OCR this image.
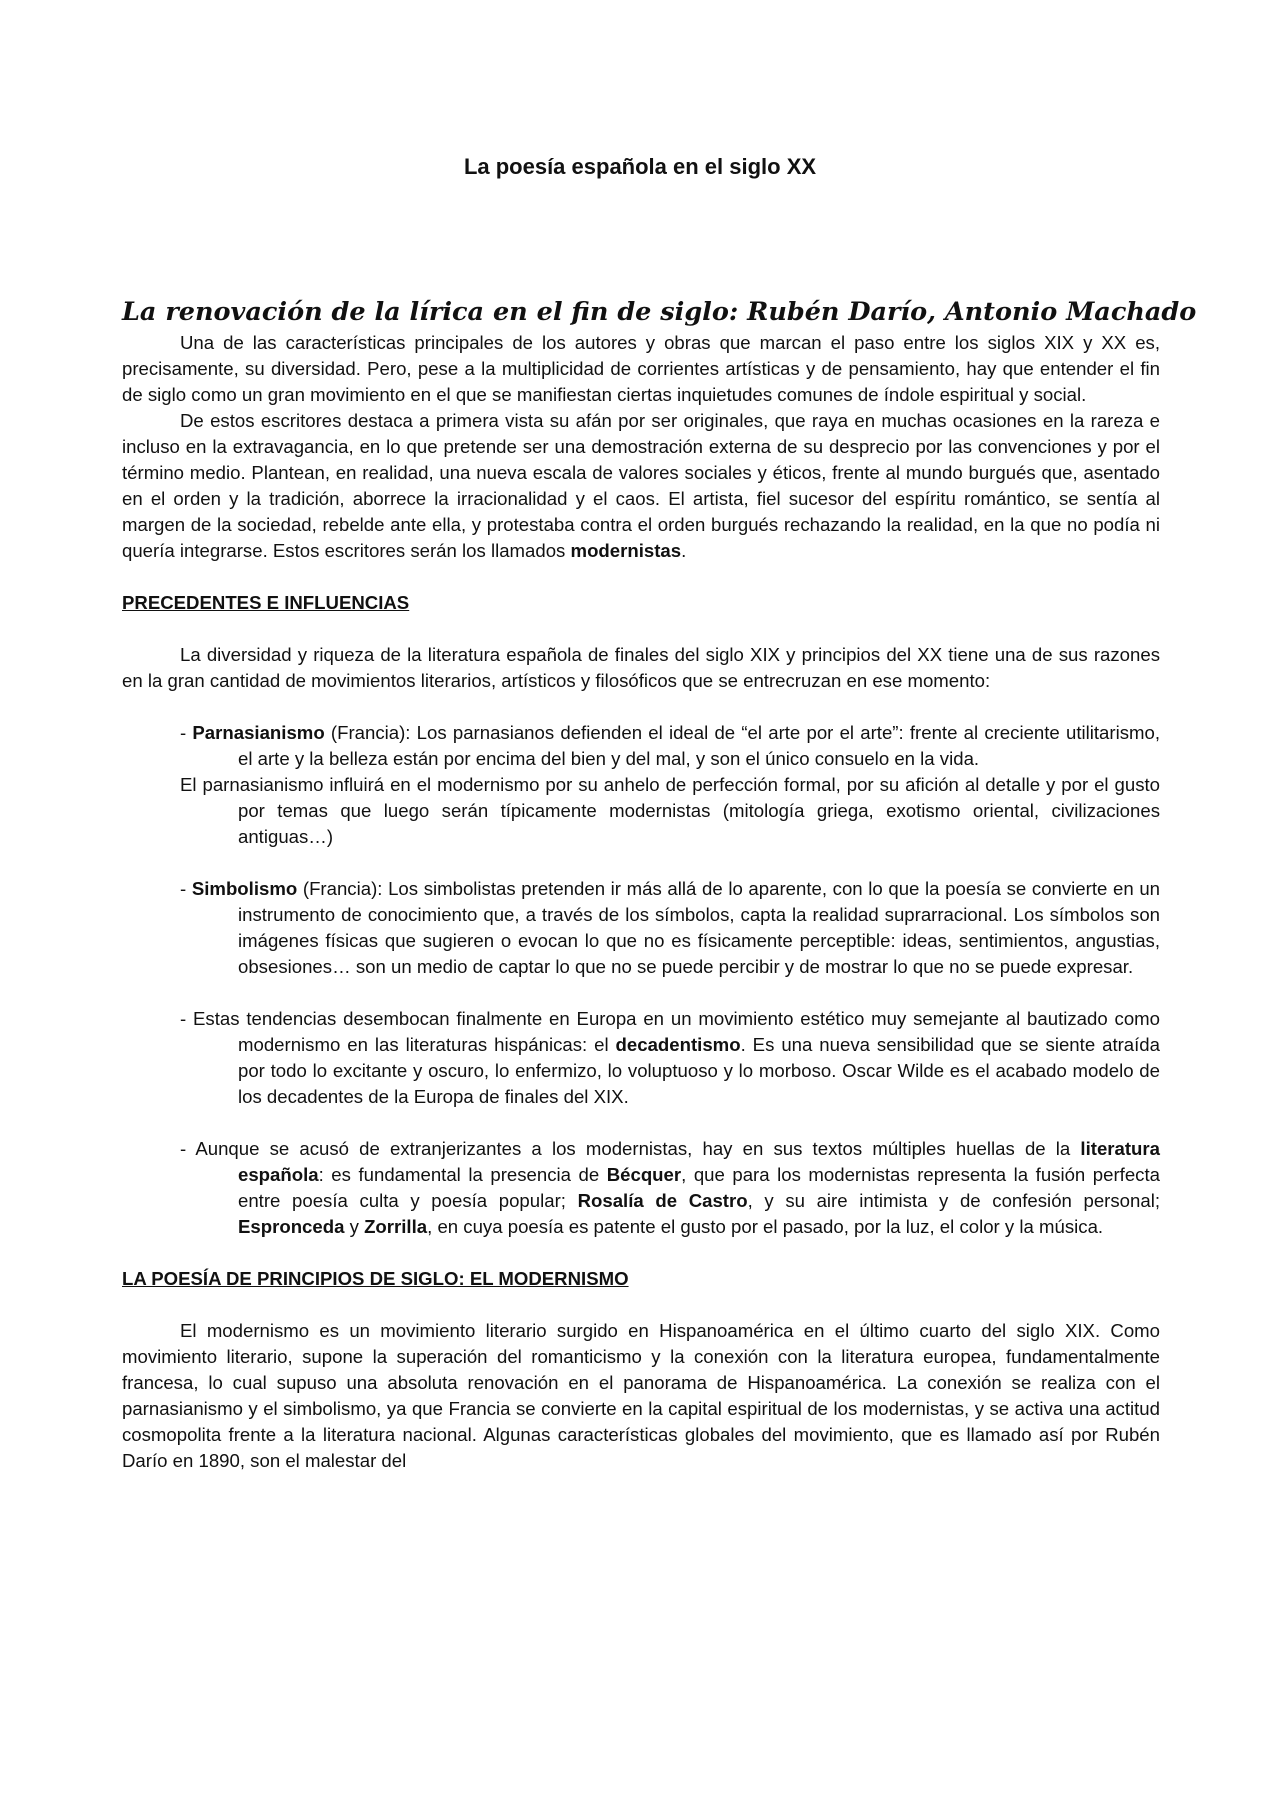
La poesía española en el siglo XX
La renovación de la lírica en el fin de siglo: Rubén Darío, Antonio Machado

Una de las características principales de los autores y obras que marcan el paso entre los siglos XIX y XX es, precisamente, su diversidad. Pero, pese a la multiplicidad de corrientes artísticas y de pensamiento, hay que entender el fin de siglo como un gran movimiento en el que se manifiestan ciertas inquietudes comunes de índole espiritual y social.

De estos escritores destaca a primera vista su afán por ser originales, que raya en muchas ocasiones en la rareza e incluso en la extravagancia, en lo que pretende ser una demostración externa de su desprecio por las convenciones y por el término medio. Plantean, en realidad, una nueva escala de valores sociales y éticos, frente al mundo burgués que, asentado en el orden y la tradición, aborrece la irracionalidad y el caos. El artista, fiel sucesor del espíritu romántico, se sentía al margen de la sociedad, rebelde ante ella, y protestaba contra el orden burgués rechazando la realidad, en la que no podía ni quería integrarse. Estos escritores serán los llamados modernistas.

PRECEDENTES E INFLUENCIAS

La diversidad y riqueza de la literatura española de finales del siglo XIX y principios del XX tiene una de sus razones en la gran cantidad de movimientos literarios, artísticos y filosóficos que se entrecruzan en ese momento:

- Parnasianismo (Francia): Los parnasianos defienden el ideal de “el arte por el arte”: frente al creciente utilitarismo, el arte y la belleza están por encima del bien y del mal, y son el único consuelo en la vida.

El parnasianismo influirá en el modernismo por su anhelo de perfección formal, por su afición al detalle y por el gusto por temas que luego serán típicamente modernistas (mitología griega, exotismo oriental, civilizaciones antiguas…)

- Simbolismo (Francia): Los simbolistas pretenden ir más allá de lo aparente, con lo que la poesía se convierte en un instrumento de conocimiento que, a través de los símbolos, capta la realidad suprarracional. Los símbolos son imágenes físicas que sugieren o evocan lo que no es físicamente perceptible: ideas, sentimientos, angustias, obsesiones… son un medio de captar lo que no se puede percibir y de mostrar lo que no se puede expresar.
- Estas tendencias desembocan finalmente en Europa en un movimiento estético muy semejante al bautizado como modernismo en las literaturas hispánicas: el decadentismo. Es una nueva sensibilidad que se siente atraída por todo lo excitante y oscuro, lo enfermizo, lo voluptuoso y lo morboso. Oscar Wilde es el acabado modelo de los decadentes de la Europa de finales del XIX.
- Aunque se acusó de extranjerizantes a los modernistas, hay en sus textos múltiples huellas de la literatura española: es fundamental la presencia de Bécquer, que para los modernistas representa la fusión perfecta entre poesía culta y poesía popular; Rosalía de Castro, y su aire intimista y de confesión personal; Espronceda y Zorrilla, en cuya poesía es patente el gusto por el pasado, por la luz, el color y la música.
LA POESÍA DE PRINCIPIOS DE SIGLO: EL MODERNISMO

El modernismo es un movimiento literario surgido en Hispanoamérica en el último cuarto del siglo XIX. Como movimiento literario, supone la superación del romanticismo y la conexión con la literatura europea, fundamentalmente francesa, lo cual supuso una absoluta renovación en el panorama de Hispanoamérica. La conexión se realiza con el parnasianismo y el simbolismo, ya que Francia se convierte en la capital espiritual de los modernistas, y se activa una actitud cosmopolita frente a la literatura nacional. Algunas características globales del movimiento, que es llamado así por Rubén Darío en 1890, son el malestar del
